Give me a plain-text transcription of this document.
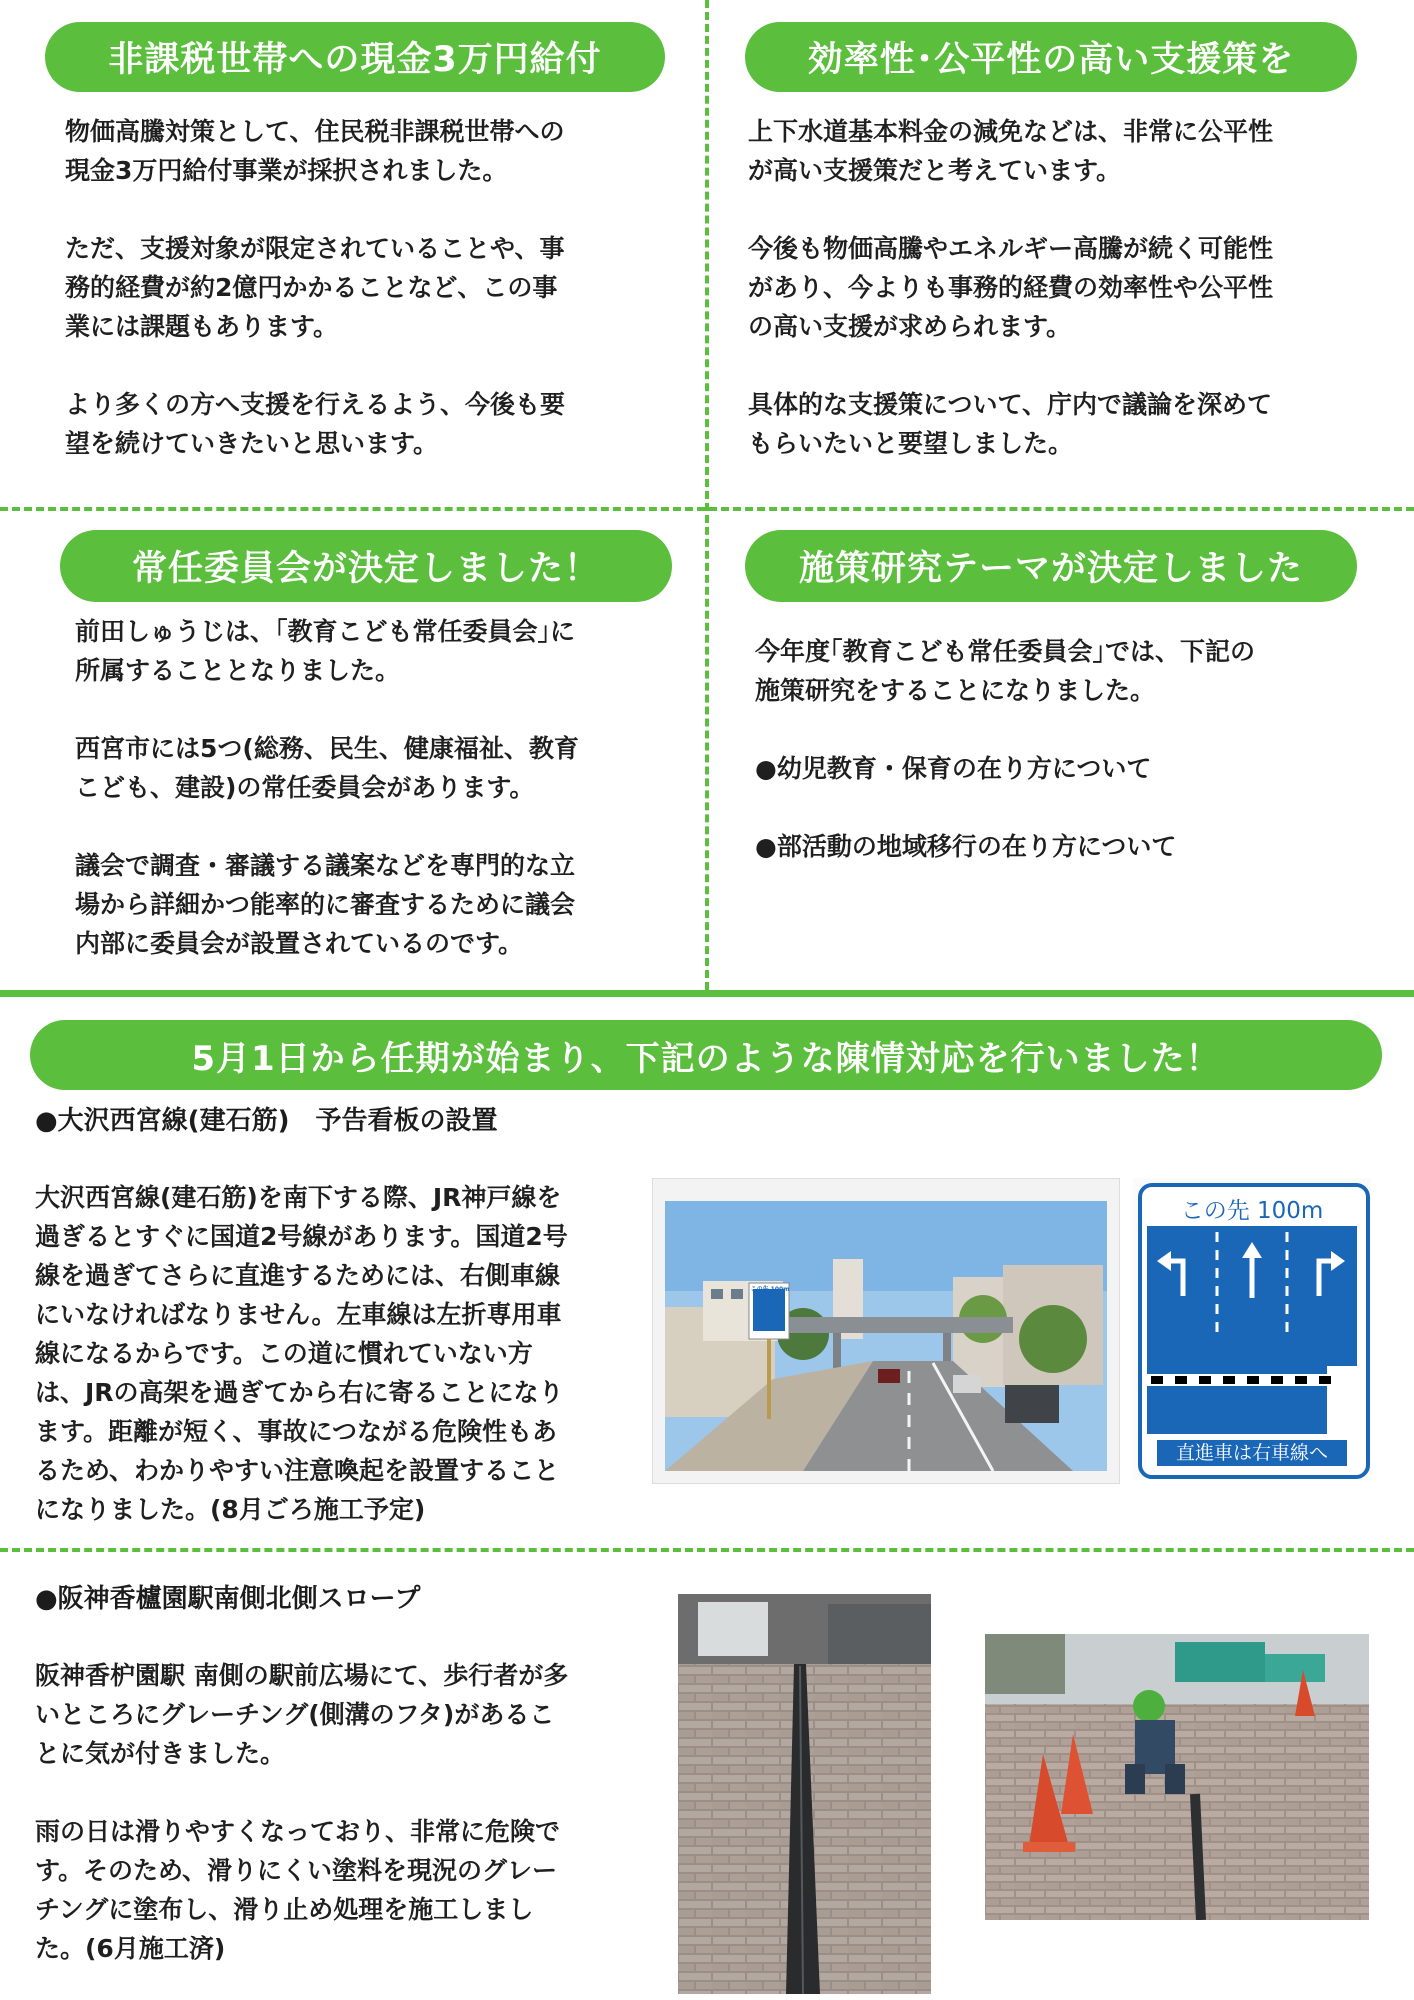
非課税世帯への現金3万円給付
物価高騰対策として、住民税非課税世帯への
現金3万円給付事業が採択されました。

ただ、支援対象が限定されていることや、事
務的経費が約2億円かかることなど、この事
業には課題もあります。

より多くの方へ支援を行えるよう、今後も要
望を続けていきたいと思います。
効率性･公平性の高い支援策を
上下水道基本料金の減免などは、非常に公平性
が高い支援策だと考えています。

今後も物価高騰やエネルギー高騰が続く可能性
があり、今よりも事務的経費の効率性や公平性
の高い支援が求められます。

具体的な支援策について、庁内で議論を深めて
もらいたいと要望しました。
常任委員会が決定しました！
前田しゅうじは、｢教育こども常任委員会｣に
所属することとなりました。

西宮市には5つ(総務、民生、健康福祉、教育
こども、建設)の常任委員会があります。

議会で調査・審議する議案などを専門的な立
場から詳細かつ能率的に審査するために議会
内部に委員会が設置されているのです。
施策研究テーマが決定しました
今年度｢教育こども常任委員会｣では、下記の
施策研究をすることになりました。

●幼児教育・保育の在り方について

●部活動の地域移行の在り方について
5月1日から任期が始まり、下記のような陳情対応を行いました！
●大沢西宮線(建石筋)　予告看板の設置
大沢西宮線(建石筋)を南下する際、JR神戸線を
過ぎるとすぐに国道2号線があります。国道2号
線を過ぎてさらに直進するためには、右側車線
にいなければなりません。左車線は左折専用車
線になるからです。この道に慣れていない方
は、JRの高架を過ぎてから右に寄ることになり
ます。距離が短く、事故につながる危険性もあ
るため、わかりやすい注意喚起を設置すること
になりました。(8月ごろ施工予定)
この先 100m
この先 100m
直進車は右車線へ
●阪神香櫨園駅南側北側スロープ
阪神香枦園駅 南側の駅前広場にて、歩行者が多
いところにグレーチング(側溝のフタ)があるこ
とに気が付きました。

雨の日は滑りやすくなっており、非常に危険で
す。そのため、滑りにくい塗料を現況のグレー
チングに塗布し、滑り止め処理を施工しまし
た。(6月施工済)
